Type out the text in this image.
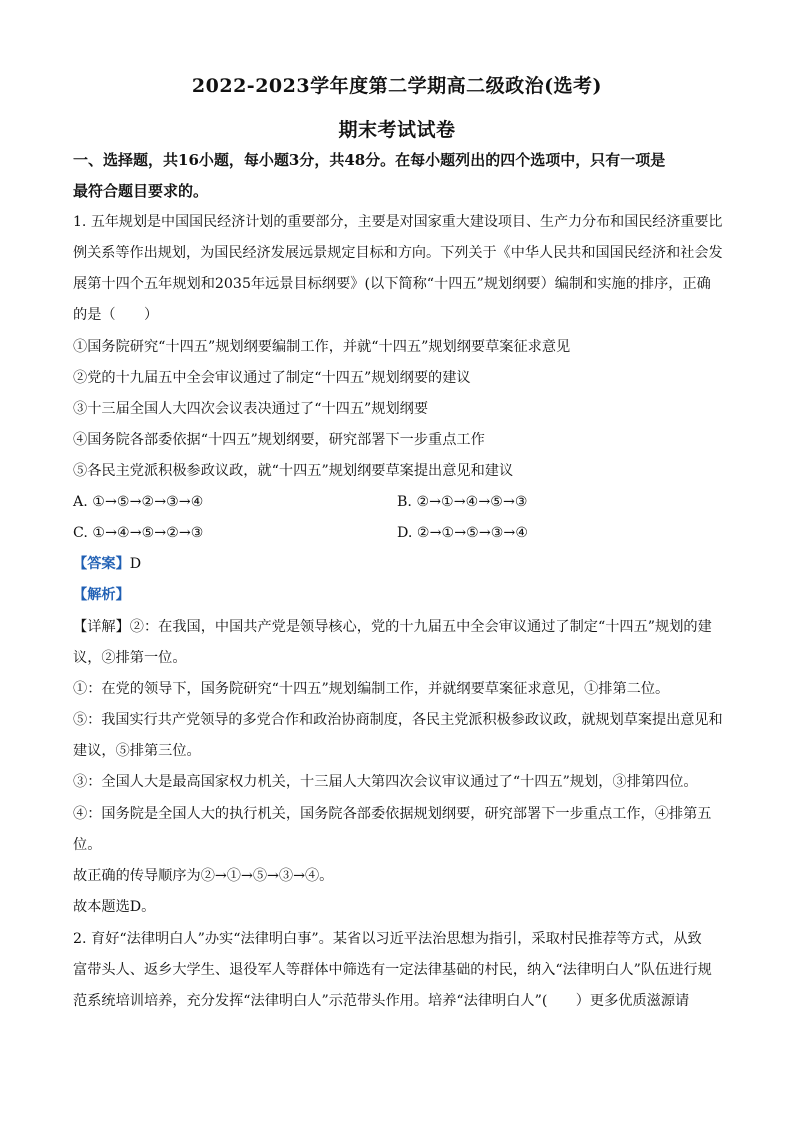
2022-2023学年度第二学期高二级政治(选考)
期末考试试卷
一、选择题，共16小题，每小题3分，共48分。在每小题列出的四个选项中，只有一项是
最符合题目要求的。
1. 五年规划是中国国民经济计划的重要部分，主要是对国家重大建设项目、生产力分布和国民经济重要比
例关系等作出规划，为国民经济发展远景规定目标和方向。下列关于《中华人民共和国国民经济和社会发
展第十四个五年规划和2035年远景目标纲要》(以下简称“十四五”规划纲要）编制和实施的排序，正确
的是（　　）
①国务院研究“十四五”规划纲要编制工作，并就“十四五”规划纲要草案征求意见
②党的十九届五中全会审议通过了制定“十四五”规划纲要的建议
③十三届全国人大四次会议表决通过了“十四五”规划纲要
④国务院各部委依据“十四五”规划纲要，研究部署下一步重点工作
⑤各民主党派积极参政议政，就“十四五”规划纲要草案提出意见和建议
A. ①→⑤→②→③→④	B. ②→①→④→⑤→③
C. ①→④→⑤→②→③	D. ②→①→⑤→③→④
【答案】D
【解析】
【详解】②：在我国，中国共产党是领导核心，党的十九届五中全会审议通过了制定“十四五”规划的建
议，②排第一位。
①：在党的领导下，国务院研究“十四五”规划编制工作，并就纲要草案征求意见，①排第二位。
⑤：我国实行共产党领导的多党合作和政治协商制度，各民主党派积极参政议政，就规划草案提出意见和
建议，⑤排第三位。
③：全国人大是最高国家权力机关，十三届人大第四次会议审议通过了“十四五”规划，③排第四位。
④：国务院是全国人大的执行机关，国务院各部委依据规划纲要，研究部署下一步重点工作，④排第五
位。
故正确的传导顺序为②→①→⑤→③→④。
故本题选D。
2. 育好“法律明白人”办实“法律明白事”。某省以习近平法治思想为指引，采取村民推荐等方式，从致
富带头人、返乡大学生、退役军人等群体中筛选有一定法律基础的村民，纳入“法律明白人”队伍进行规
范系统培训培养，充分发挥“法律明白人”示范带头作用。培养“法律明白人”(　　）更多优质滋源请
